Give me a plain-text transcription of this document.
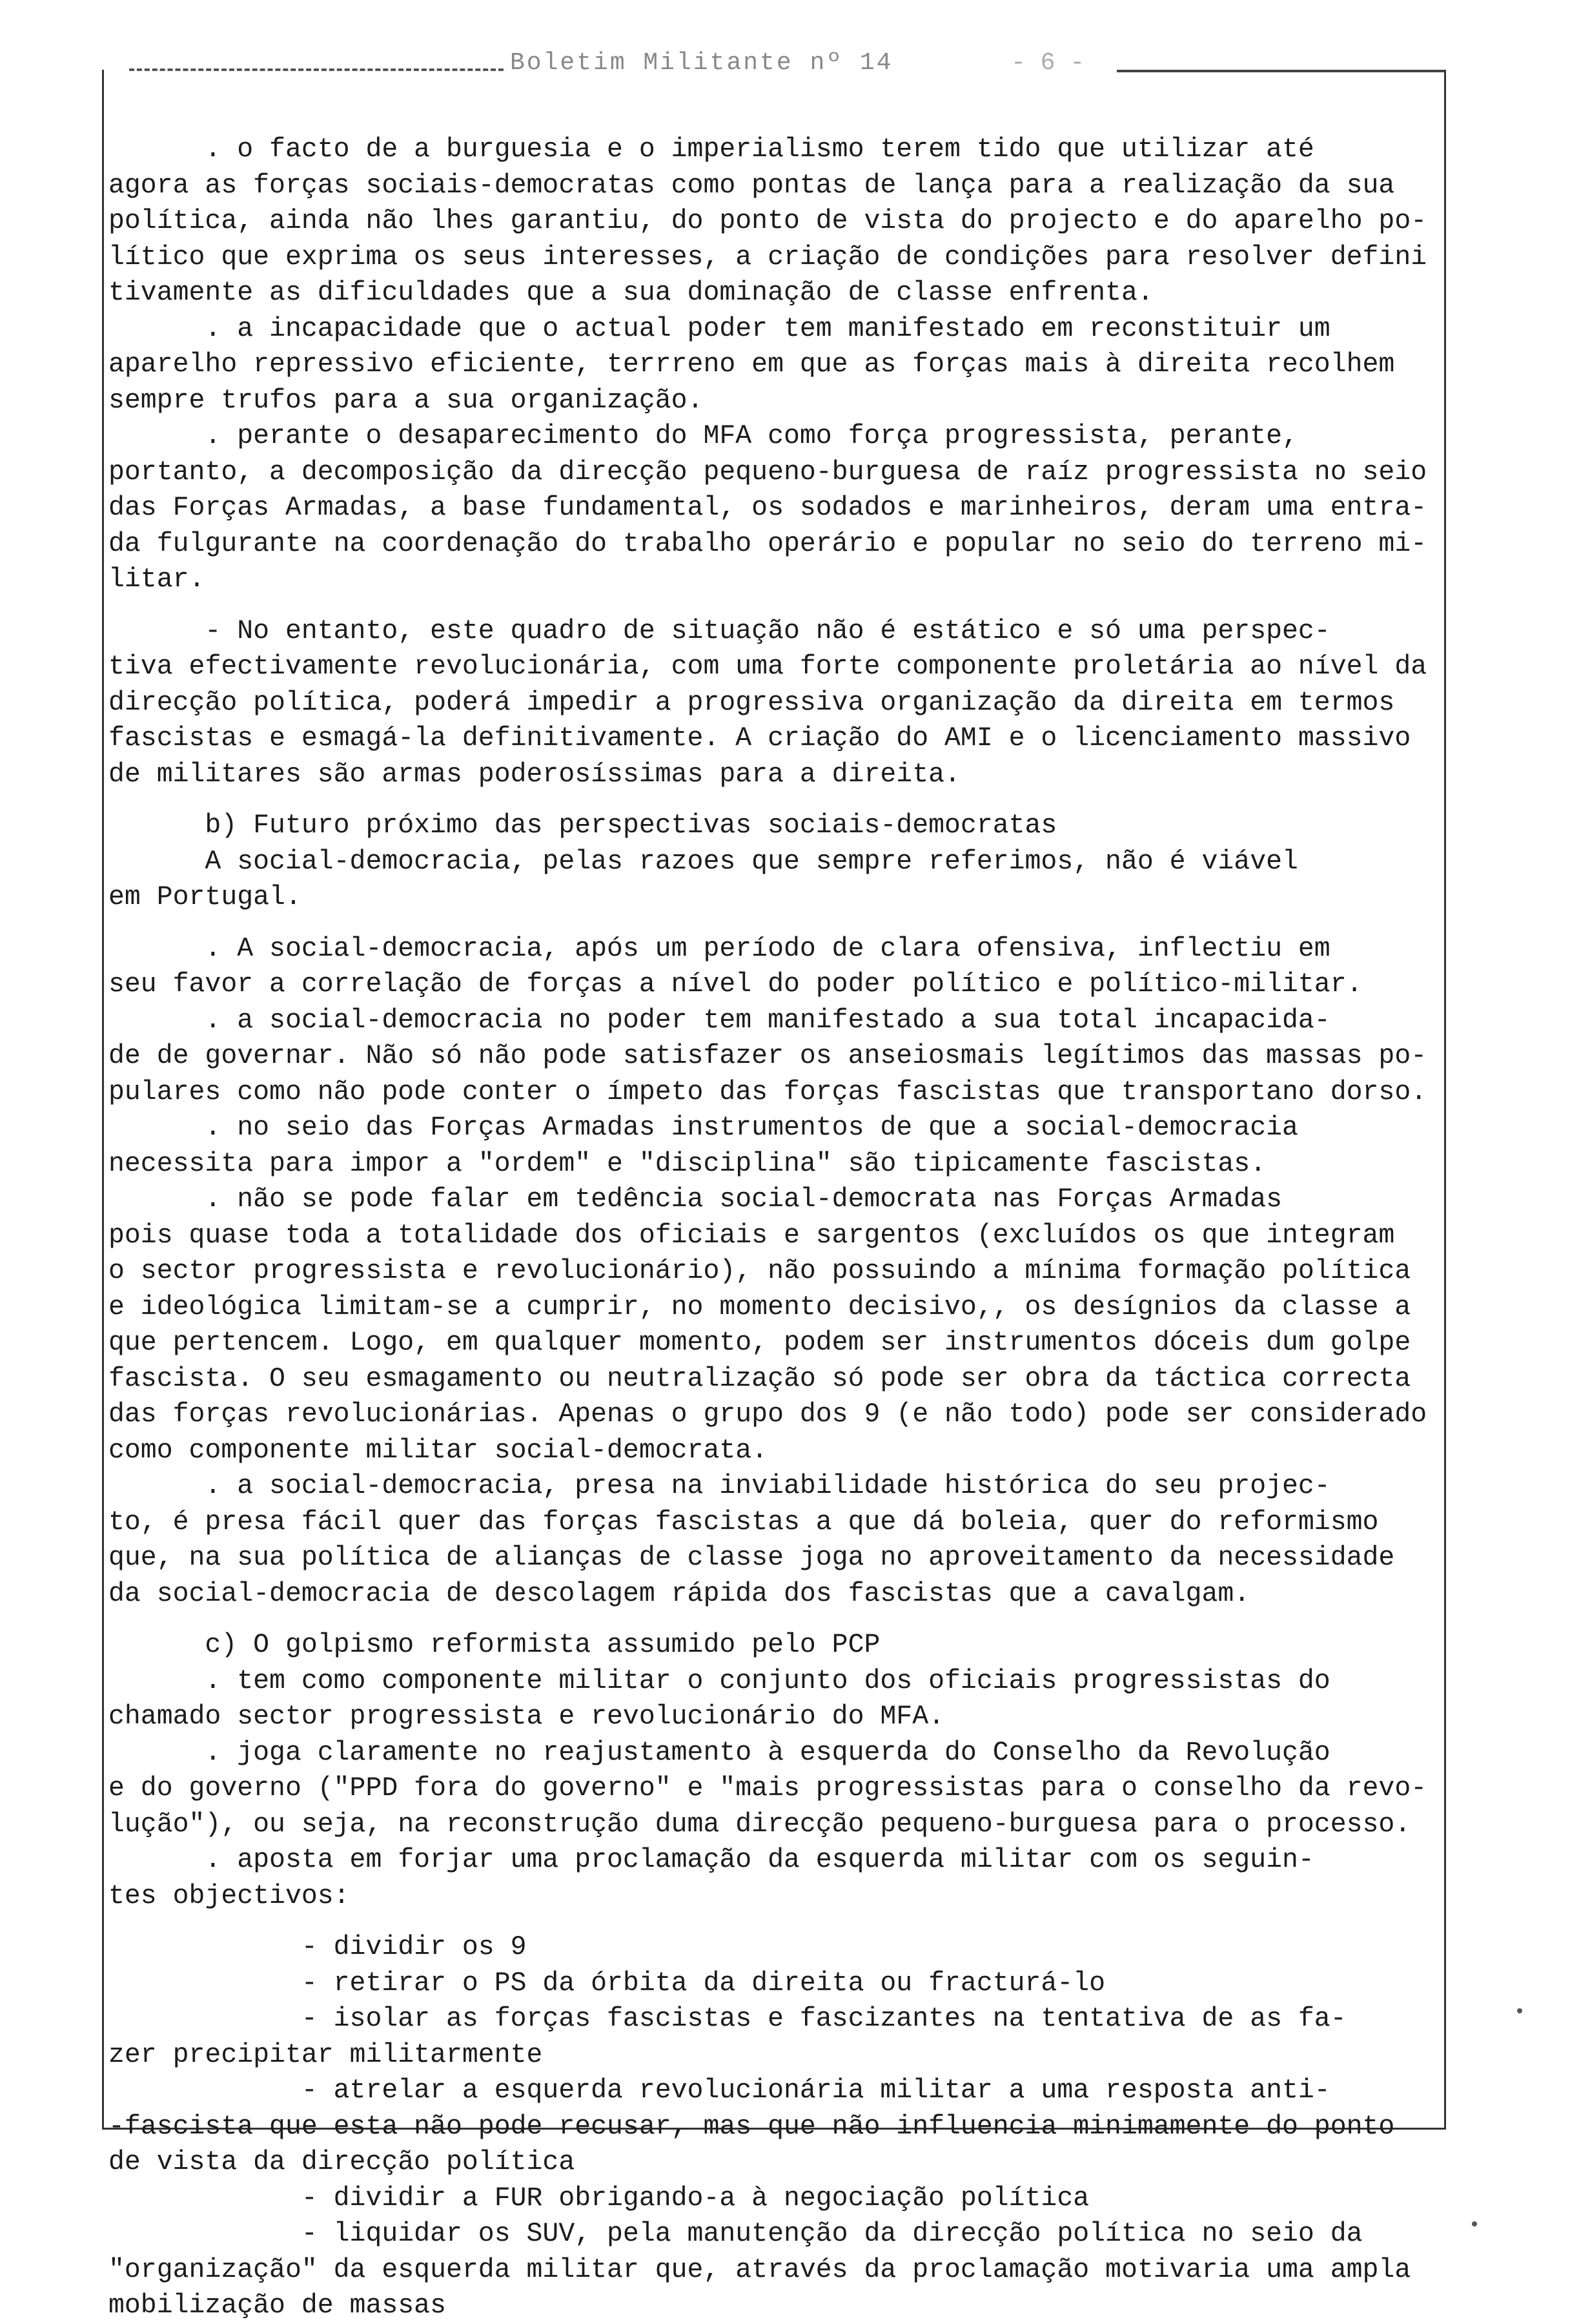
Boletim Militante nº 14	- 6 -
. o facto de a burguesia e o imperialismo terem tido que utilizar até
agora as forças sociais-democratas como pontas de lança para a realização da sua
política, ainda não lhes garantiu, do ponto de vista do projecto e do aparelho po-
lítico que exprima os seus interesses, a criação de condições para resolver defini
tivamente as dificuldades que a sua dominação de classe enfrenta.
. a incapacidade que o actual poder tem manifestado em reconstituir um
aparelho repressivo eficiente, terrreno em que as forças mais à direita recolhem
sempre trufos para a sua organização.
. perante o desaparecimento do MFA como força progressista, perante,
portanto, a decomposição da direcção pequeno-burguesa de raíz progressista no seio
das Forças Armadas, a base fundamental, os sodados e marinheiros, deram uma entra-
da fulgurante na coordenação do trabalho operário e popular no seio do terreno mi-
litar.
- No entanto, este quadro de situação não é estático e só uma perspec-
tiva efectivamente revolucionária, com uma forte componente proletária ao nível da
direcção política, poderá impedir a progressiva organização da direita em termos
fascistas e esmagá-la definitivamente. A criação do AMI e o licenciamento massivo
de militares são armas poderosíssimas para a direita.
b) Futuro próximo das perspectivas sociais-democratas
A social-democracia, pelas razoes que sempre referimos, não é viável
em Portugal.
. A social-democracia, após um período de clara ofensiva, inflectiu em
seu favor a correlação de forças a nível do poder político e político-militar.
. a social-democracia no poder tem manifestado a sua total incapacida-
de de governar. Não só não pode satisfazer os anseiosmais legítimos das massas po-
pulares como não pode conter o ímpeto das forças fascistas que transportano dorso.
. no seio das Forças Armadas instrumentos de que a social-democracia
necessita para impor a "ordem" e "disciplina" são tipicamente fascistas.
. não se pode falar em tedência social-democrata nas Forças Armadas
pois quase toda a totalidade dos oficiais e sargentos (excluídos os que integram
o sector progressista e revolucionário), não possuindo a mínima formação política
e ideológica limitam-se a cumprir, no momento decisivo,, os desígnios da classe a
que pertencem. Logo, em qualquer momento, podem ser instrumentos dóceis dum golpe
fascista. O seu esmagamento ou neutralização só pode ser obra da táctica correcta
das forças revolucionárias. Apenas o grupo dos 9 (e não todo) pode ser considerado
como componente militar social-democrata.
. a social-democracia, presa na inviabilidade histórica do seu projec-
to, é presa fácil quer das forças fascistas a que dá boleia, quer do reformismo
que, na sua política de alianças de classe joga no aproveitamento da necessidade
da social-democracia de descolagem rápida dos fascistas que a cavalgam.
c) O golpismo reformista assumido pelo PCP
. tem como componente militar o conjunto dos oficiais progressistas do
chamado sector progressista e revolucionário do MFA.
. joga claramente no reajustamento à esquerda do Conselho da Revolução
e do governo ("PPD fora do governo" e "mais progressistas para o conselho da revo-
lução"), ou seja, na reconstrução duma direcção pequeno-burguesa para o processo.
. aposta em forjar uma proclamação da esquerda militar com os seguin-
tes objectivos:
- dividir os 9
- retirar o PS da órbita da direita ou fracturá-lo
- isolar as forças fascistas e fascizantes na tentativa de as fa-
zer precipitar militarmente
- atrelar a esquerda revolucionária militar a uma resposta anti-
-fascista que esta não pode recusar, mas que não influencia minimamente do ponto
de vista da direcção política
- dividir a FUR obrigando-a à negociação política
- liquidar os SUV, pela manutenção da direcção política no seio da
"organização" da esquerda militar que, através da proclamação motivaria uma ampla
mobilização de massas
